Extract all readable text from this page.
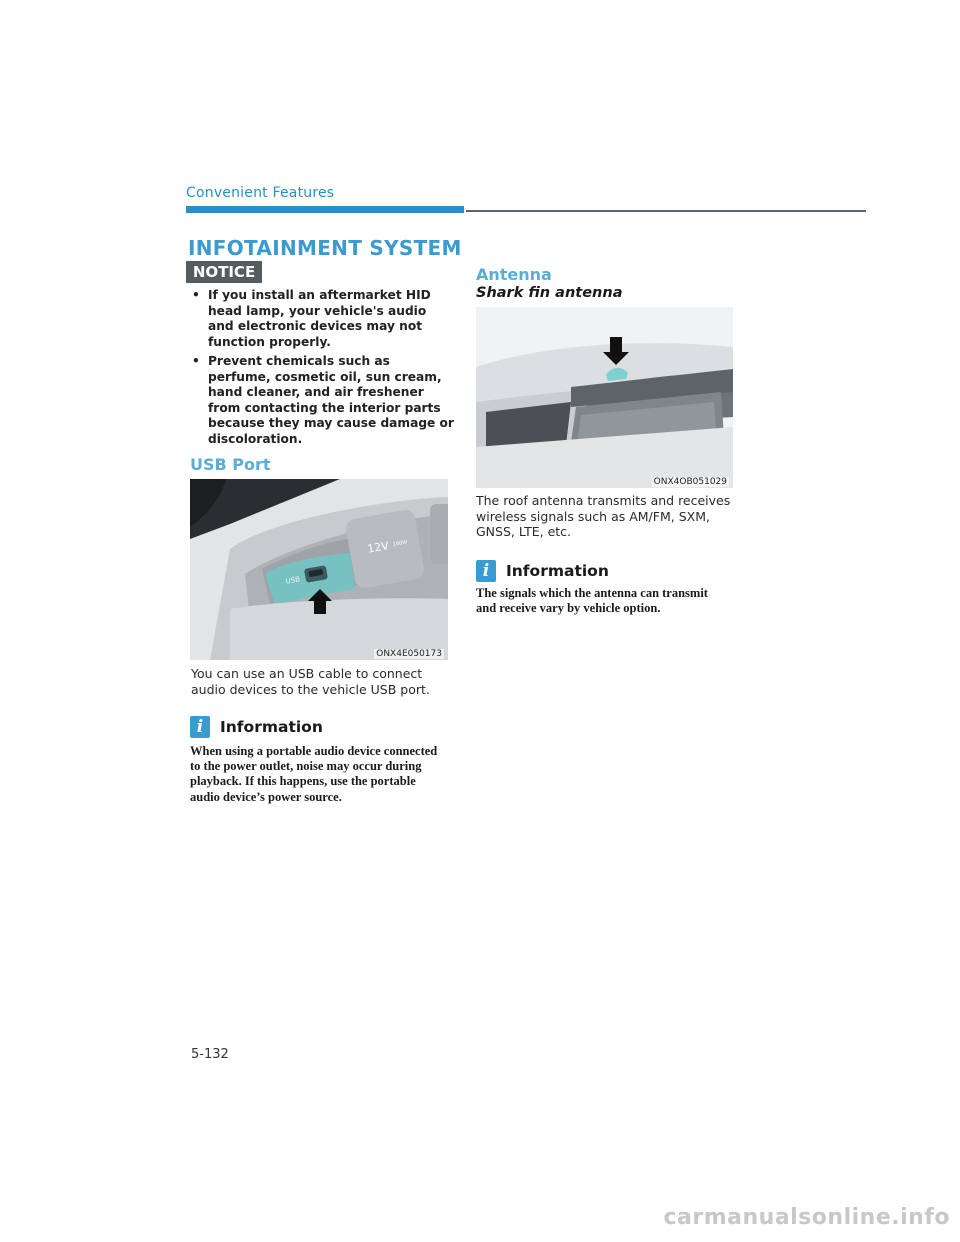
Convenient Features
INFOTAINMENT SYSTEM
NOTICE
• If you install an aftermarket HID head lamp, your vehicle's audio and electronic devices may not function properly.
• Prevent chemicals such as perfume, cosmetic oil, sun cream, hand cleaner, and air freshener from contacting the interior parts because they may cause damage or discoloration.
USB Port
USB
12V 180W
ONX4E050173
You can use an USB cable to connect audio devices to the vehicle USB port.
i	Information
When using a portable audio device connected to the power outlet, noise may occur during playback. If this happens, use the portable audio device’s power source.
Antenna
Shark fin antenna
ONX4OB051029
The roof antenna transmits and receives wireless signals such as AM/FM, SXM, GNSS, LTE, etc.
i	Information
The signals which the antenna can transmit and receive vary by vehicle option.
5-132
carmanualsonline.info
